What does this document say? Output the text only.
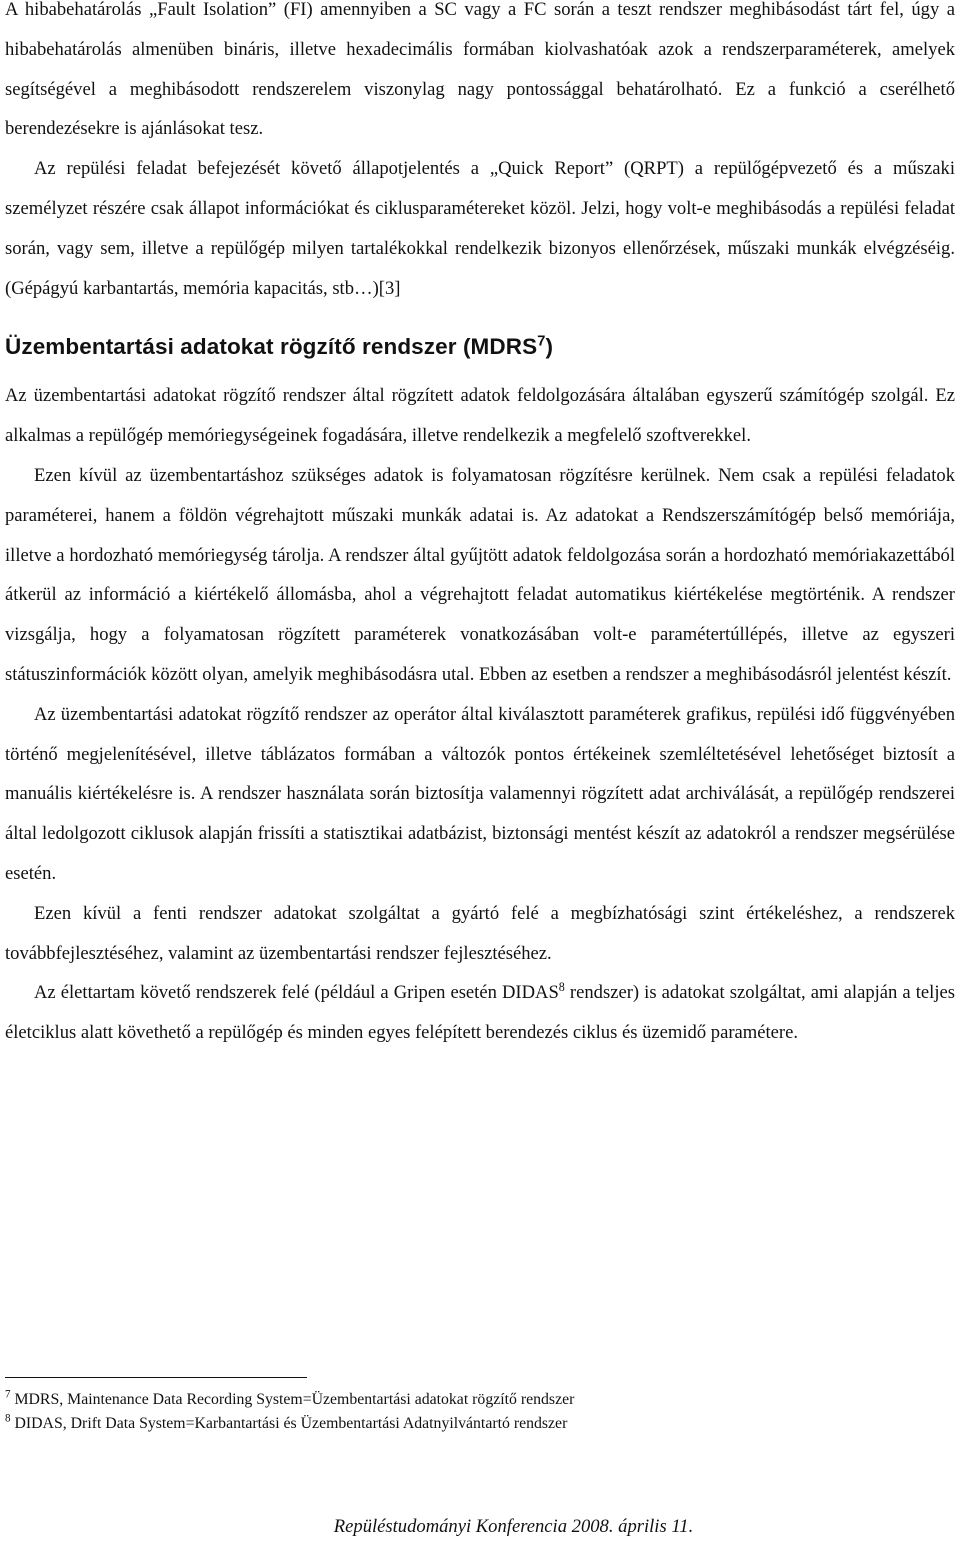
A hibabehatárolás „Fault Isolation” (FI) amennyiben a SC vagy a FC során a teszt rendszer meghibásodást tárt fel, úgy a hibabehatárolás almenüben bináris, illetve hexadecimális formában kiolvashatóak azok a rendszerparaméterek, amelyek segítségével a meghibásodott rendszerelem viszonylag nagy pontossággal behatárolható. Ez a funkció a cserélhető berendezésekre is ajánlásokat tesz.

Az repülési feladat befejezését követő állapotjelentés a „Quick Report” (QRPT) a repülőgépvezető és a műszaki személyzet részére csak állapot információkat és ciklusparamétereket közöl. Jelzi, hogy volt-e meghibásodás a repülési feladat során, vagy sem, illetve a repülőgép milyen tartalékokkal rendelkezik bizonyos ellenőrzések, műszaki munkák elvégzéséig. (Gépágyú karbantartás, memória kapacitás, stb…)[3]

Üzembentartási adatokat rögzítő rendszer (MDRS$^7$)

Az üzembentartási adatokat rögzítő rendszer által rögzített adatok feldolgozására általában egyszerű számítógép szolgál. Ez alkalmas a repülőgép memóriegységeinek fogadására, illetve rendelkezik a megfelelő szoftverekkel.

Ezen kívül az üzembentartáshoz szükséges adatok is folyamatosan rögzítésre kerülnek. Nem csak a repülési feladatok paraméterei, hanem a földön végrehajtott műszaki munkák adatai is. Az adatokat a Rendszerszámítógép belső memóriája, illetve a hordozható memóriegység tárolja. A rendszer által gyűjtött adatok feldolgozása során a hordozható memóriakazettából átkerül az információ a kiértékelő állomásba, ahol a végrehajtott feladat automatikus kiértékelése megtörténik. A rendszer vizsgálja, hogy a folyamatosan rögzített paraméterek vonatkozásában volt-e paramétertúllépés, illetve az egyszeri státuszinformációk között olyan, amelyik meghibásodásra utal. Ebben az esetben a rendszer a meghibásodásról jelentést készít.

Az üzembentartási adatokat rögzítő rendszer az operátor által kiválasztott paraméterek grafikus, repülési idő függvényében történő megjelenítésével, illetve táblázatos formában a változók pontos értékeinek szemléltetésével lehetőséget biztosít a manuális kiértékelésre is. A rendszer használata során biztosítja valamennyi rögzített adat archiválását, a repülőgép rendszerei által ledolgozott ciklusok alapján frissíti a statisztikai adatbázist, biztonsági mentést készít az adatokról a rendszer megsérülése esetén.

Ezen kívül a fenti rendszer adatokat szolgáltat a gyártó felé a megbízhatósági szint értékeléshez, a rendszerek továbbfejlesztéséhez, valamint az üzembentartási rendszer fejlesztéséhez.

Az élettartam követő rendszerek felé (például a Gripen esetén DIDAS$^8$ rendszer) is adatokat szolgáltat, ami alapján a teljes életciklus alatt követhető a repülőgép és minden egyes felépített berendezés ciklus és üzemidő paramétere.

$^7$ MDRS, Maintenance Data Recording System=Üzembentartási adatokat rögzítő rendszer
$^8$ DIDAS, Drift Data System=Karbantartási és Üzembentartási Adatnyilvántartó rendszer
Repüléstudományi Konferencia 2008. április 11.
